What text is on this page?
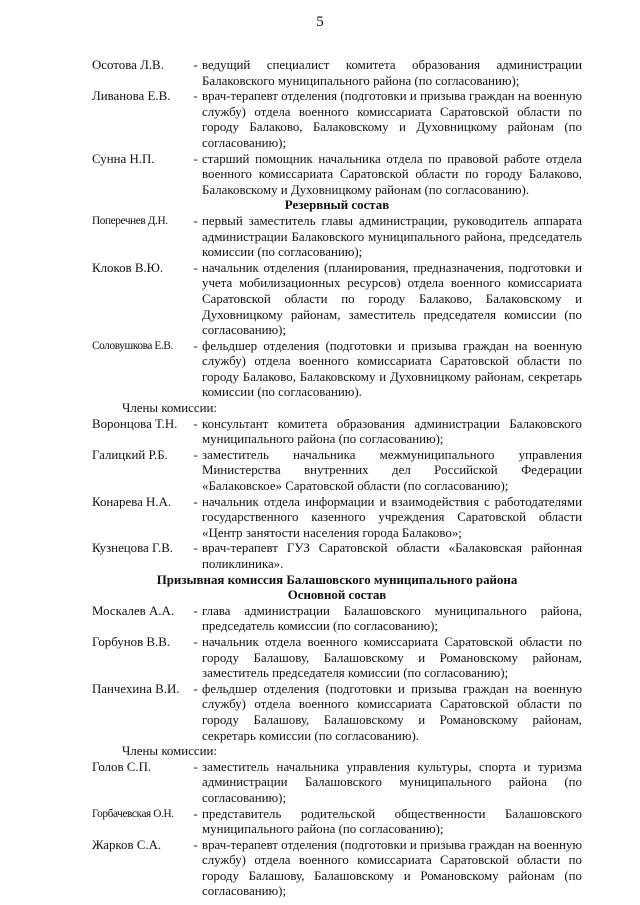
5
Осотова Л.В.	- ведущий специалист комитета образования администрации Балаковского муниципального района (по согласованию);
Ливанова Е.В.	- врач-терапевт отделения (подготовки и призыва граждан на военную службу) отдела военного комиссариата Саратовской области по городу Балаково, Балаковскому и Духовницкому районам (по согласованию);
Сунна Н.П.	- старший помощник начальника отдела по правовой работе отдела военного комиссариата Саратовской области по городу Балаково, Балаковскому и Духовницкому районам (по согласованию).
Резервный состав
Поперечнев Д.Н.	- первый заместитель главы администрации, руководитель аппарата администрации Балаковского муниципального района, председатель комиссии (по согласованию);
Клоков В.Ю.	- начальник отделения (планирования, предназначения, подготовки и учета мобилизационных ресурсов) отдела военного комиссариата Саратовской области по городу Балаково, Балаковскому и Духовницкому районам, заместитель председателя комиссии (по согласованию);
Соловушкова Е.В.	- фельдшер отделения (подготовки и призыва граждан на военную службу) отдела военного комиссариата Саратовской области по городу Балаково, Балаковскому и Духовницкому районам, секретарь комиссии (по согласованию).
Члены комиссии:
Воронцова Т.Н.	- консультант комитета образования администрации Балаковского муниципального района (по согласованию);
Галицкий Р.Б.	- заместитель начальника межмуниципального управления Министерства внутренних дел Российской Федерации «Балаковское» Саратовской области (по согласованию);
Конарева Н.А.	- начальник отдела информации и взаимодействия с работодателями государственного казенного учреждения Саратовской области «Центр занятости населения города Балаково»;
Кузнецова Г.В.	- врач-терапевт ГУЗ Саратовской области «Балаковская районная поликлиника».
Призывная комиссия Балашовского муниципального района
Основной состав
Москалев А.А.	- глава администрации Балашовского муниципального района, председатель комиссии (по согласованию);
Горбунов В.В.	- начальник отдела военного комиссариата Саратовской области по городу Балашову, Балашовскому и Романовскому районам, заместитель председателя комиссии (по согласованию);
Панчехина В.И.	- фельдшер отделения (подготовки и призыва граждан на военную службу) отдела военного комиссариата Саратовской области по городу Балашову, Балашовскому и Романовскому районам, секретарь комиссии (по согласованию).
Члены комиссии:
Голов С.П.	- заместитель начальника управления культуры, спорта и туризма администрации Балашовского муниципального района (по согласованию);
Горбачевская О.Н.	- представитель родительской общественности Балашовского муниципального района (по согласованию);
Жарков С.А.	- врач-терапевт отделения (подготовки и призыва граждан на военную службу) отдела военного комиссариата Саратовской области по городу Балашову, Балашовскому и Романовскому районам (по согласованию);
